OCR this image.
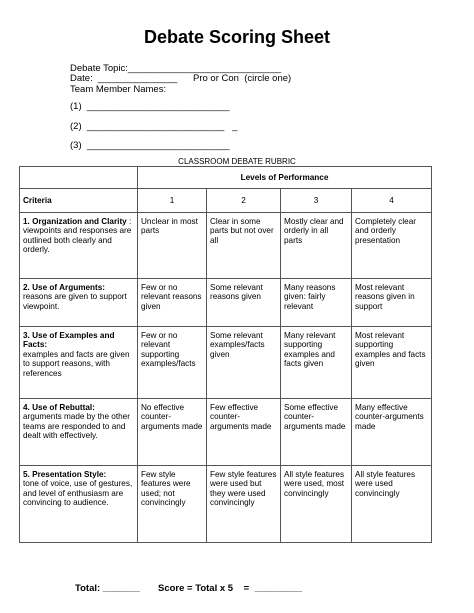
Debate Scoring Sheet
Debate Topic:_____________________________
Date:  _______________ Pro or Con  (circle one)
Team Member Names:
(1)  ___________________________
(2)  __________________________   _
(3)  ___________________________
CLASSROOM DEBATE RUBRIC
	Levels of Performance			
Criteria	1	2	3	4
1. Organization and Clarity : viewpoints and responses are outlined both clearly and orderly.	Unclear in most parts	Clear in some parts but not over all	Mostly clear and orderly in all parts	Completely clear and orderly presentation
2. Use of Arguments:
reasons are given to support viewpoint.	Few or no relevant reasons given	Some relevant reasons given	Many reasons given: fairly relevant	Most relevant reasons given in support
3. Use of Examples and Facts:
examples and facts are given to support reasons, with references	Few or no relevant supporting examples/facts	Some relevant examples/facts given	Many relevant supporting examples and facts given	Most relevant supporting examples and facts given
4. Use of Rebuttal:
arguments made by the other teams are responded to and dealt with effectively.	No effective counter-arguments made	Few effective counter-arguments made	Some effective counter-arguments made	Many effective counter-arguments made
5. Presentation Style:
tone of voice, use of gestures, and level of enthusiasm are convincing to audience.	Few style features were used; not convincingly	Few style features were used but they were used convincingly	All style features were used, most convincingly	All style features were used convincingly
Total: _______ Score = Total x 5    =  _________
